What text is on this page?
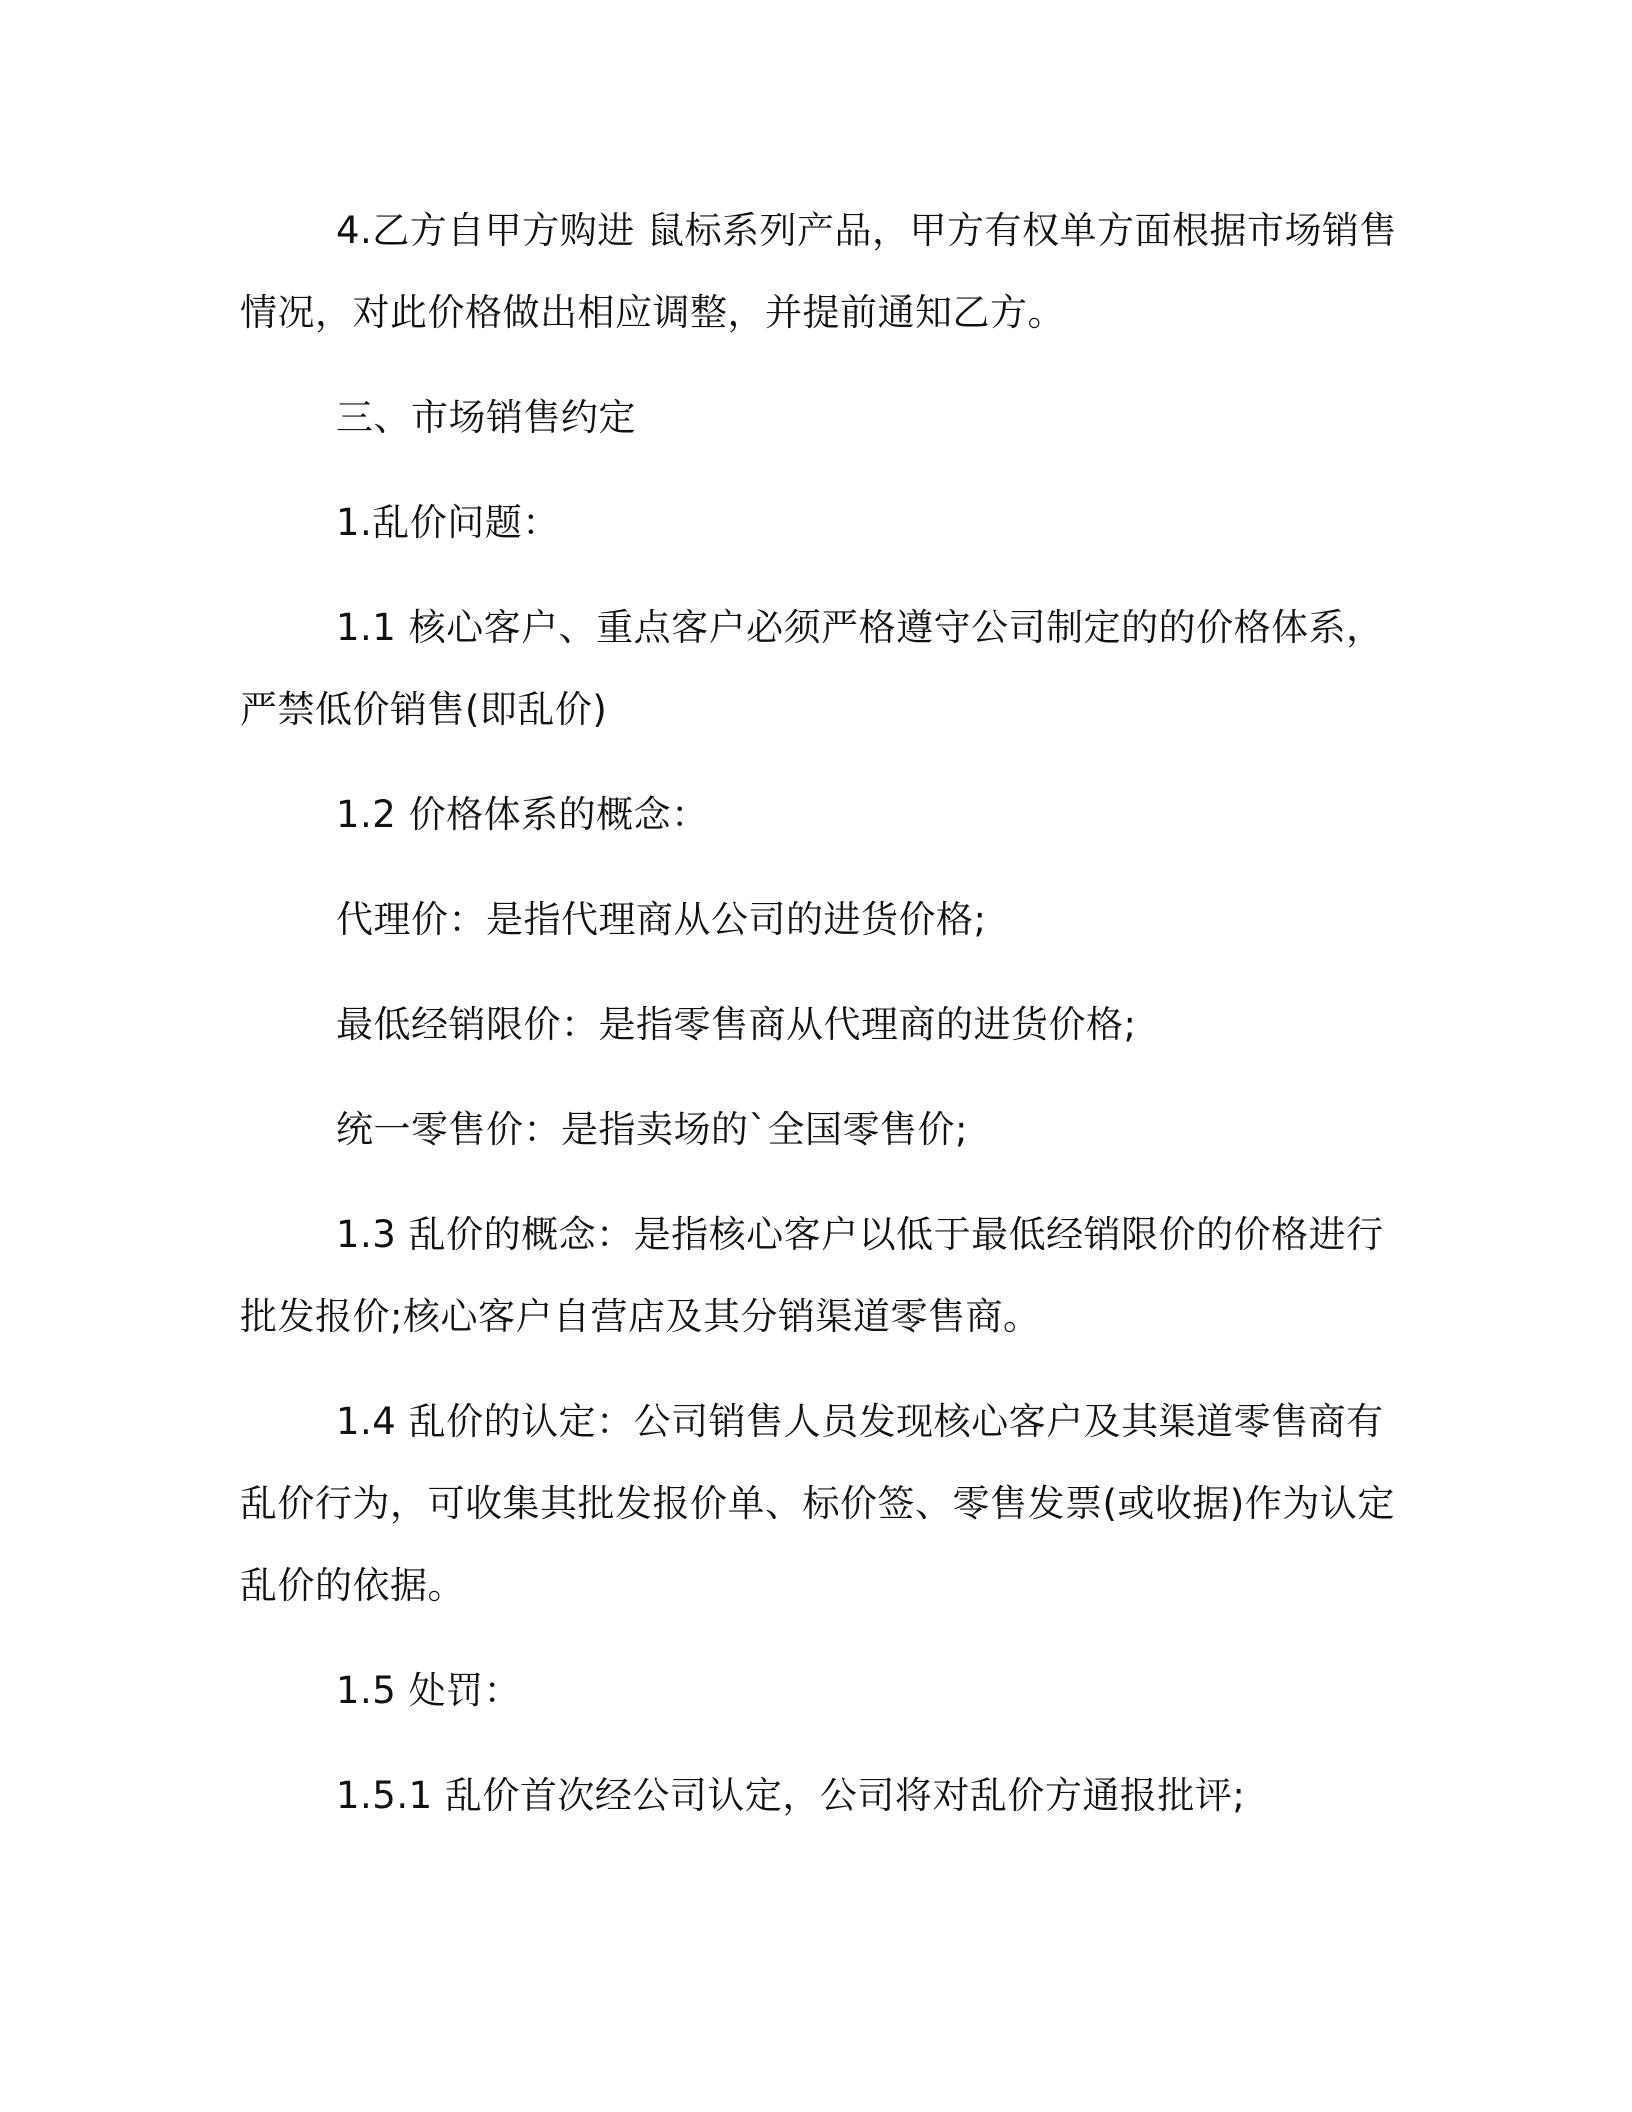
4.乙方自甲方购进 鼠标系列产品，甲方有权单方面根据市场销售
情况，对此价格做出相应调整，并提前通知乙方。

三、市场销售约定

1.乱价问题：

1.1 核心客户、重点客户必须严格遵守公司制定的的价格体系，
严禁低价销售(即乱价)

1.2 价格体系的概念：

代理价：是指代理商从公司的进货价格;

最低经销限价：是指零售商从代理商的进货价格;

统一零售价：是指卖场的`全国零售价;

1.3 乱价的概念：是指核心客户以低于最低经销限价的价格进行
批发报价;核心客户自营店及其分销渠道零售商。

1.4 乱价的认定：公司销售人员发现核心客户及其渠道零售商有
乱价行为，可收集其批发报价单、标价签、零售发票(或收据)作为认定
乱价的依据。

1.5 处罚：

1.5.1 乱价首次经公司认定，公司将对乱价方通报批评;
